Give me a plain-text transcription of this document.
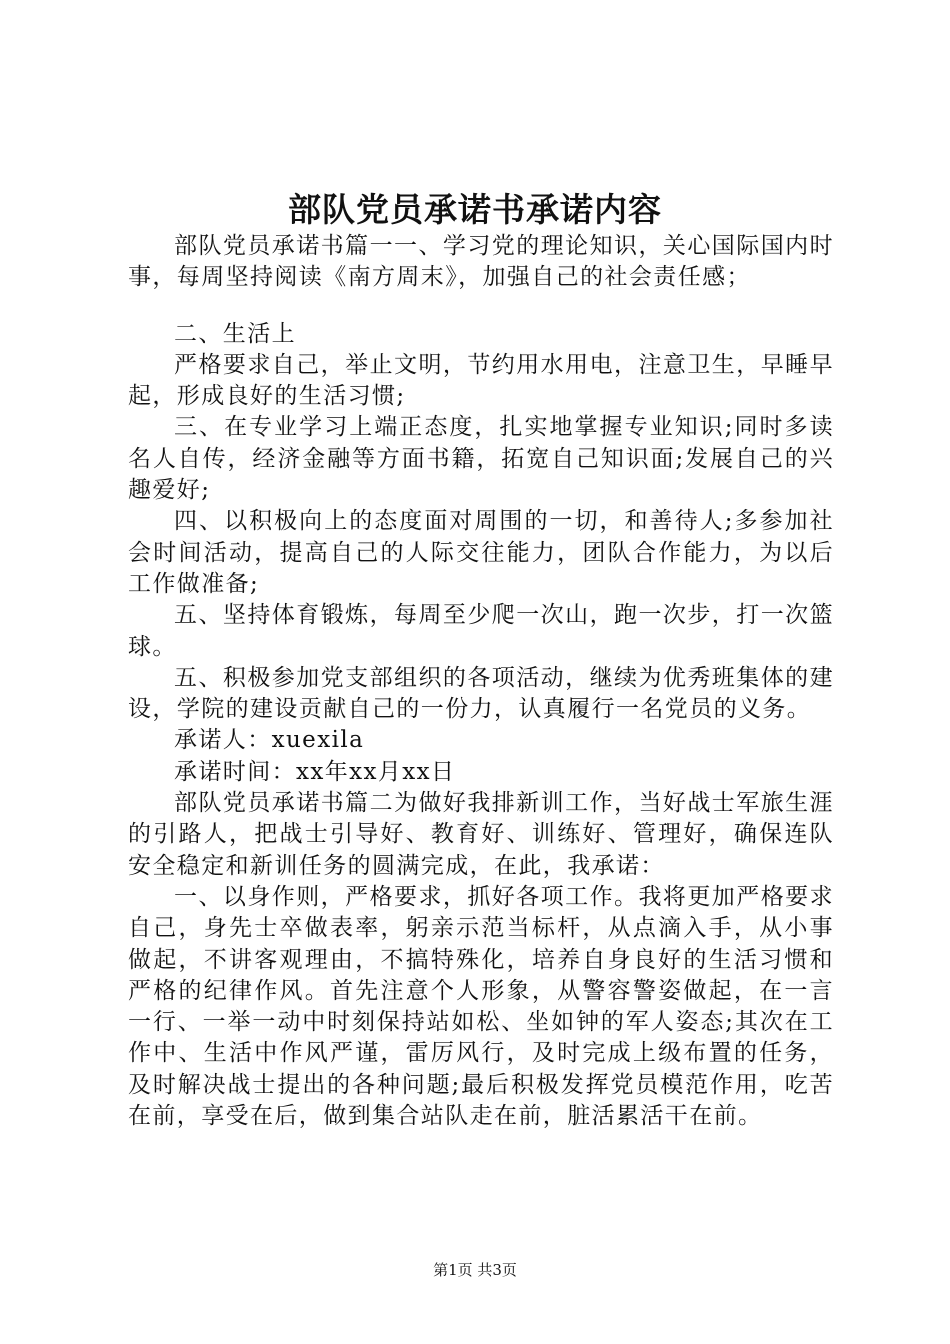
部队党员承诺书承诺内容

部队党员承诺书篇一一、学习党的理论知识，关心国际国内时事，每周坚持阅读《南方周末》，加强自己的社会责任感；

二、生活上

严格要求自己，举止文明，节约用水用电，注意卫生，早睡早起，形成良好的生活习惯;

三、在专业学习上端正态度，扎实地掌握专业知识;同时多读名人自传，经济金融等方面书籍，拓宽自己知识面;发展自己的兴趣爱好;

四、以积极向上的态度面对周围的一切，和善待人;多参加社会时间活动，提高自己的人际交往能力，团队合作能力，为以后工作做准备;

五、坚持体育锻炼，每周至少爬一次山，跑一次步，打一次篮球。

五、积极参加党支部组织的各项活动，继续为优秀班集体的建设，学院的建设贡献自己的一份力，认真履行一名党员的义务。

承诺人：xuexila

承诺时间：xx年xx月xx日

部队党员承诺书篇二为做好我排新训工作，当好战士军旅生涯的引路人，把战士引导好、教育好、训练好、管理好，确保连队安全稳定和新训任务的圆满完成，在此，我承诺：

一、以身作则，严格要求，抓好各项工作。我将更加严格要求自己，身先士卒做表率，躬亲示范当标杆，从点滴入手，从小事做起，不讲客观理由，不搞特殊化，培养自身良好的生活习惯和严格的纪律作风。首先注意个人形象，从警容警姿做起，在一言一行、一举一动中时刻保持站如松、坐如钟的军人姿态;其次在工作中、生活中作风严谨，雷厉风行，及时完成上级布置的任务，及时解决战士提出的各种问题;最后积极发挥党员模范作用，吃苦在前，享受在后，做到集合站队走在前，脏活累活干在前。

第1页 共3页
